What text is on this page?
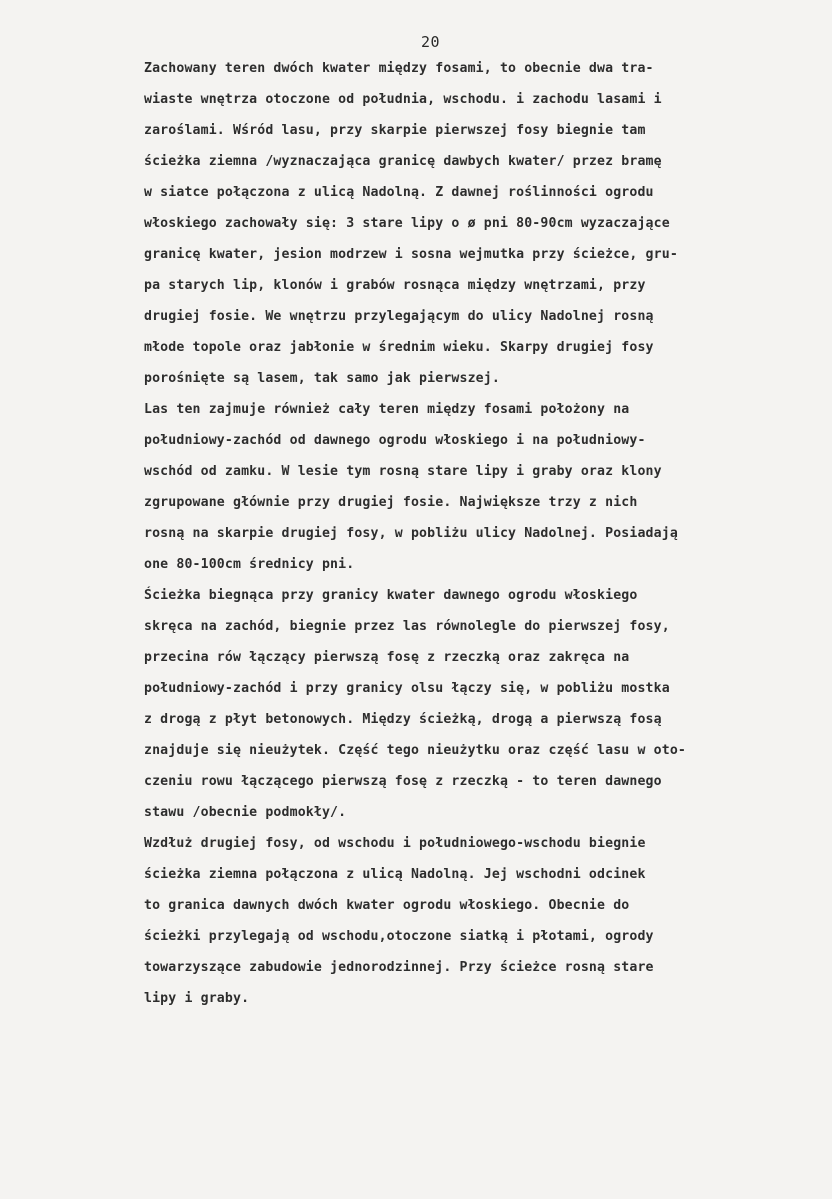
20
Zachowany teren dwóch kwater między fosami, to obecnie dwa tra-
wiaste wnętrza otoczone od południa, wschodu. i zachodu lasami i
zaroślami. Wśród lasu, przy skarpie pierwszej fosy biegnie tam
ścieżka ziemna /wyznaczająca granicę dawbych kwater/ przez bramę
w siatce połączona z ulicą Nadolną. Z dawnej roślinności ogrodu
włoskiego zachowały się: 3 stare lipy o ø pni 80-90cm wyzaczające
granicę kwater, jesion modrzew i sosna wejmutka przy ścieżce, gru-
pa starych lip, klonów i grabów rosnąca między wnętrzami, przy
drugiej fosie. We wnętrzu przylegającym do ulicy Nadolnej rosną
młode topole oraz jabłonie w średnim wieku. Skarpy drugiej fosy
porośnięte są lasem, tak samo jak pierwszej.
Las ten zajmuje również cały teren między fosami położony na
południowy-zachód od dawnego ogrodu włoskiego i na południowy-
wschód od zamku. W lesie tym rosną stare lipy i graby oraz klony
zgrupowane głównie przy drugiej fosie. Największe trzy z nich
rosną na skarpie drugiej fosy, w pobliżu ulicy Nadolnej. Posiadają
one 80-100cm średnicy pni.
Ścieżka biegnąca przy granicy kwater dawnego ogrodu włoskiego
skręca na zachód, biegnie przez las równolegle do pierwszej fosy,
przecina rów łączący pierwszą fosę z rzeczką oraz zakręca na
południowy-zachód i przy granicy olsu łączy się, w pobliżu mostka
z drogą z płyt betonowych. Między ścieżką, drogą a pierwszą fosą
znajduje się nieużytek. Część tego nieużytku oraz część lasu w oto-
czeniu rowu łączącego pierwszą fosę z rzeczką - to teren dawnego
stawu /obecnie podmokły/.
Wzdłuż drugiej fosy, od wschodu i południowego-wschodu biegnie
ścieżka ziemna połączona z ulicą Nadolną. Jej wschodni odcinek
to granica dawnych dwóch kwater ogrodu włoskiego. Obecnie do
ścieżki przylegają od wschodu,otoczone siatką i płotami, ogrody
towarzyszące zabudowie jednorodzinnej. Przy ścieżce rosną stare
lipy i graby.
